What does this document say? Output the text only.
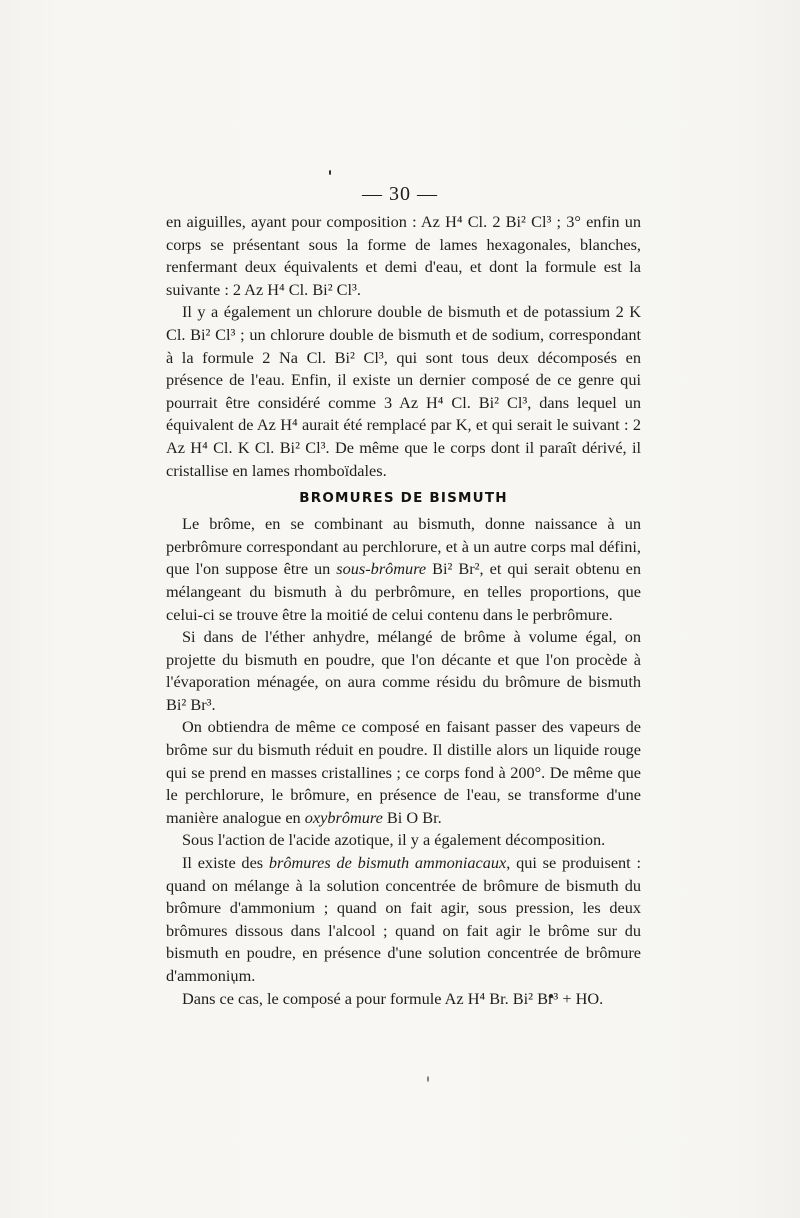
— 30 —

en aiguilles, ayant pour composition : Az H⁴ Cl. 2 Bi² Cl³ ; 3° enfin un corps se présentant sous la forme de lames hexagonales, blanches, renfermant deux équivalents et demi d'eau, et dont la formule est la suivante : 2 Az H⁴ Cl. Bi² Cl³.

Il y a également un chlorure double de bismuth et de potassium 2 K Cl. Bi² Cl³ ; un chlorure double de bismuth et de sodium, correspondant à la formule 2 Na Cl. Bi² Cl³, qui sont tous deux décomposés en présence de l'eau. Enfin, il existe un dernier composé de ce genre qui pourrait être considéré comme 3 Az H⁴ Cl. Bi² Cl³, dans lequel un équivalent de Az H⁴ aurait été remplacé par K, et qui serait le suivant : 2 Az H⁴ Cl. K Cl. Bi² Cl³. De même que le corps dont il paraît dérivé, il cristallise en lames rhomboïdales.

BROMURES DE BISMUTH

Le brôme, en se combinant au bismuth, donne naissance à un perbrômure correspondant au perchlorure, et à un autre corps mal défini, que l'on suppose être un sous-brômure Bi² Br², et qui serait obtenu en mélangeant du bismuth à du perbrômure, en telles proportions, que celui-ci se trouve être la moitié de celui contenu dans le perbrômure.

Si dans de l'éther anhydre, mélangé de brôme à volume égal, on projette du bismuth en poudre, que l'on décante et que l'on procède à l'évaporation ménagée, on aura comme résidu du brômure de bismuth Bi² Br³.

On obtiendra de même ce composé en faisant passer des vapeurs de brôme sur du bismuth réduit en poudre. Il distille alors un liquide rouge qui se prend en masses cristallines ; ce corps fond à 200°. De même que le perchlorure, le brômure, en présence de l'eau, se transforme d'une manière analogue en oxybrômure Bi O Br.

Sous l'action de l'acide azotique, il y a également décomposition.

Il existe des brômures de bismuth ammoniacaux, qui se produisent : quand on mélange à la solution concentrée de brômure de bismuth du brômure d'ammonium ; quand on fait agir, sous pression, les deux brômures dissous dans l'alcool ; quand on fait agir le brôme sur du bismuth en poudre, en présence d'une solution concentrée de brômure d'ammonium.

Dans ce cas, le composé a pour formule Az H⁴ Br. Bi² Br³ + HO.
